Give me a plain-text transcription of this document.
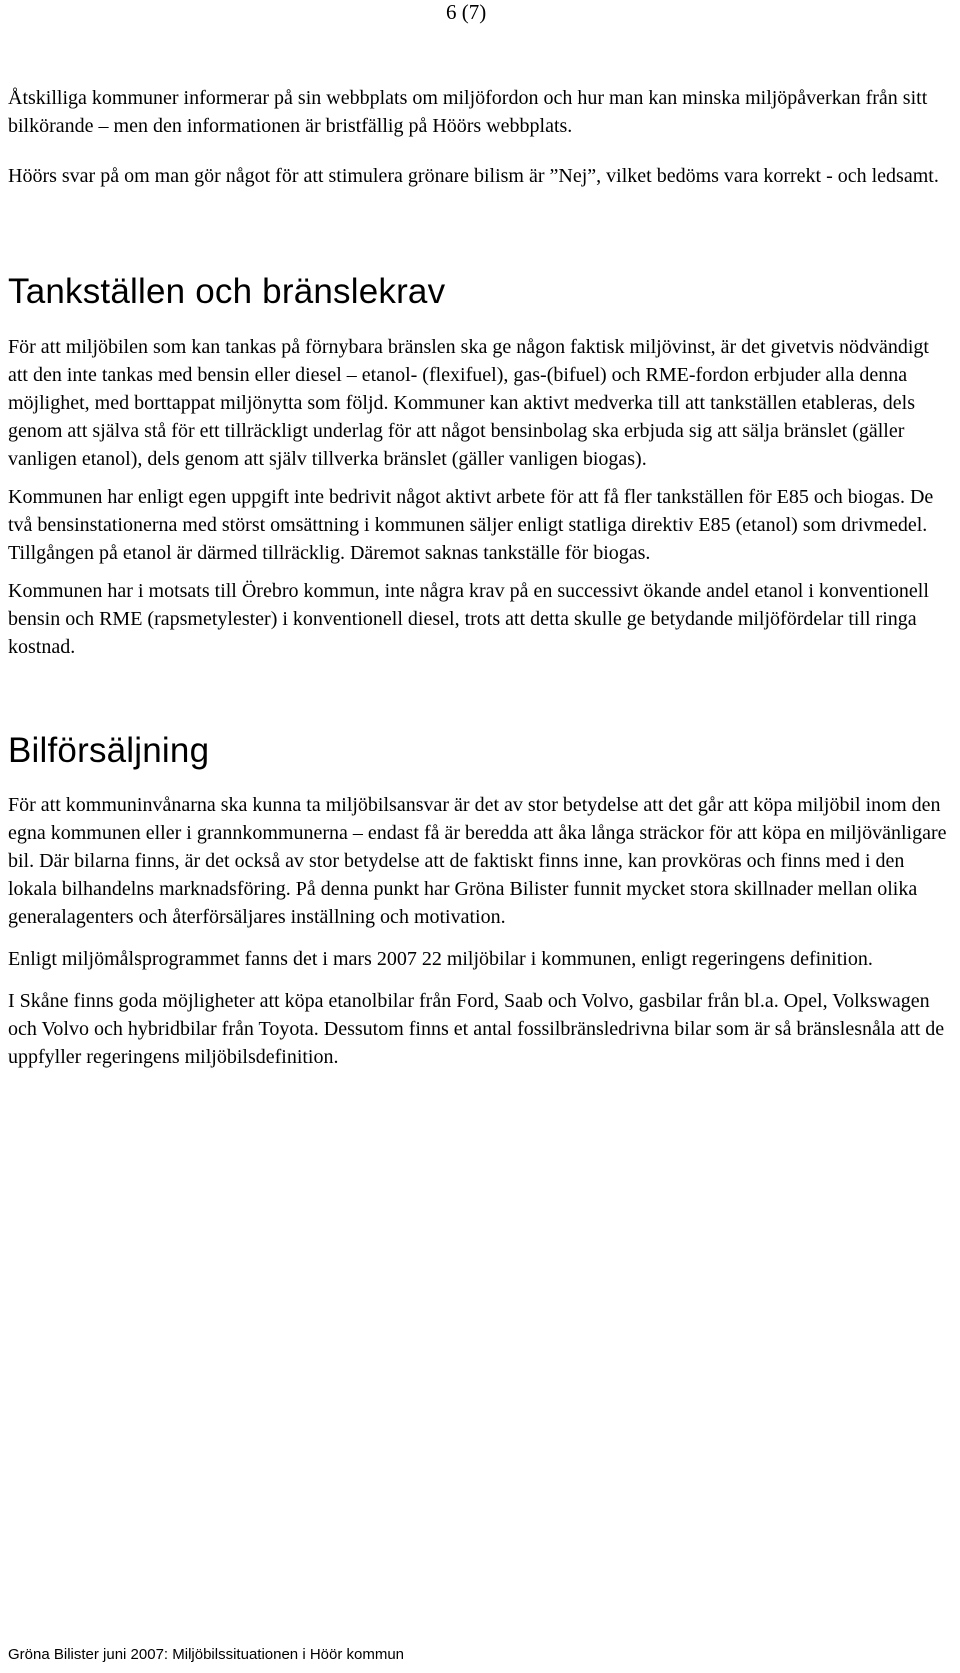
6 (7)

Åtskilliga kommuner informerar på sin webbplats om miljöfordon och hur man kan minska miljöpåverkan från sitt bilkörande – men den informationen är bristfällig på Höörs webbplats.

Höörs svar på om man gör något för att stimulera grönare bilism är ”Nej”, vilket bedöms vara korrekt - och ledsamt.

Tankställen och bränslekrav

För att miljöbilen som kan tankas på förnybara bränslen ska ge någon faktisk miljövinst, är det givetvis nödvändigt att den inte tankas med bensin eller diesel – etanol- (flexifuel), gas-(bifuel) och RME-fordon erbjuder alla denna möjlighet, med borttappat miljönytta som följd. Kommuner kan aktivt medverka till att tankställen etableras, dels genom att själva stå för ett tillräckligt underlag för att något bensinbolag ska erbjuda sig att sälja bränslet (gäller vanligen etanol), dels genom att själv tillverka bränslet (gäller vanligen biogas).

Kommunen har enligt egen uppgift inte bedrivit något aktivt arbete för att få fler tankställen för E85 och biogas. De två bensinstationerna med störst omsättning i kommunen säljer enligt statliga direktiv E85 (etanol) som drivmedel. Tillgången på etanol är därmed tillräcklig. Däremot saknas tankställe för biogas.

Kommunen har i motsats till Örebro kommun, inte några krav på en successivt ökande andel etanol i konventionell bensin och RME (rapsmetylester) i konventionell diesel, trots att detta skulle ge betydande miljöfördelar till ringa kostnad.

Bilförsäljning

För att kommuninvånarna ska kunna ta miljöbilsansvar är det av stor betydelse att det går att köpa miljöbil inom den egna kommunen eller i grannkommunerna – endast få är beredda att åka långa sträckor för att köpa en miljövänligare bil. Där bilarna finns, är det också av stor betydelse att de faktiskt finns inne, kan provköras och finns med i den lokala bilhandelns marknadsföring. På denna punkt har Gröna Bilister funnit mycket stora skillnader mellan olika generalagenters och återförsäljares inställning och motivation.

Enligt miljömålsprogrammet fanns det i mars 2007 22 miljöbilar i kommunen, enligt regeringens definition.

I Skåne finns goda möjligheter att köpa etanolbilar från Ford, Saab och Volvo, gasbilar från bl.a. Opel, Volkswagen och Volvo och hybridbilar från Toyota. Dessutom finns et antal fossilbränsledrivna bilar som är så bränslesnåla att de uppfyller regeringens miljöbilsdefinition.

Gröna Bilister juni 2007: Miljöbilssituationen i Höör kommun
